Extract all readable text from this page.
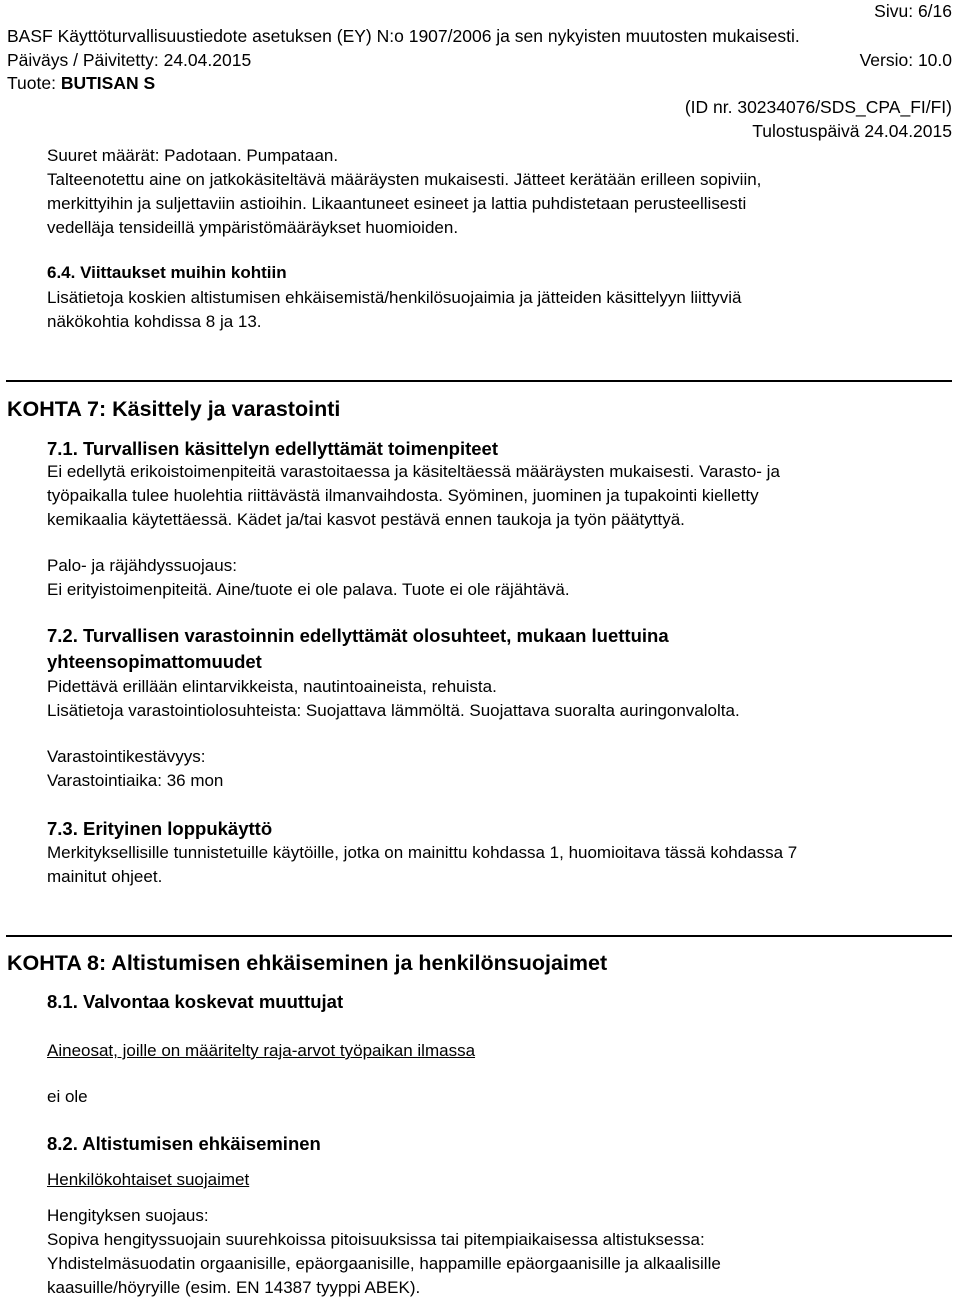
Sivu: 6/16
BASF Käyttöturvallisuustiedote asetuksen (EY) N:o 1907/2006 ja sen nykyisten muutosten mukaisesti.
Päiväys / Päivitetty: 24.04.2015	Versio: 10.0
Tuote: BUTISAN S
(ID nr. 30234076/SDS_CPA_FI/FI)
Tulostuspäivä 24.04.2015

Suuret määrät: Padotaan. Pumpataan.

Talteenotettu aine on jatkokäsiteltävä määräysten mukaisesti. Jätteet kerätään erilleen sopiviin,

merkittyihin ja suljettaviin astioihin. Likaantuneet esineet ja lattia puhdistetaan perusteellisesti

vedelläja tensideillä ympäristömääräykset huomioiden.

6.4. Viittaukset muihin kohtiin

Lisätietoja koskien altistumisen ehkäisemistä/henkilösuojaimia ja jätteiden käsittelyyn liittyviä

näkökohtia kohdissa 8 ja 13.

KOHTA 7: Käsittely ja varastointi
7.1. Turvallisen käsittelyn edellyttämät toimenpiteet

Ei edellytä erikoistoimenpiteitä varastoitaessa ja käsiteltäessä määräysten mukaisesti. Varasto- ja

työpaikalla tulee huolehtia riittävästä ilmanvaihdosta. Syöminen, juominen ja tupakointi kielletty

kemikaalia käytettäessä. Kädet ja/tai kasvot pestävä ennen taukoja ja työn päätyttyä.

Palo- ja räjähdyssuojaus:

Ei erityistoimenpiteitä. Aine/tuote ei ole palava. Tuote ei ole räjähtävä.

7.2. Turvallisen varastoinnin edellyttämät olosuhteet, mukaan luettuina
yhteensopimattomuudet

Pidettävä erillään elintarvikkeista, nautintoaineista, rehuista.

Lisätietoja varastointiolosuhteista: Suojattava lämmöltä. Suojattava suoralta auringonvalolta.

Varastointikestävyys:

Varastointiaika: 36 mon

7.3. Erityinen loppukäyttö

Merkityksellisille tunnistetuille käytöille, jotka on mainittu kohdassa 1, huomioitava tässä kohdassa 7

mainitut ohjeet.

KOHTA 8: Altistumisen ehkäiseminen ja henkilönsuojaimet
8.1. Valvontaa koskevat muuttujat
Aineosat, joille on määritelty raja-arvot työpaikan ilmassa
ei ole
8.2. Altistumisen ehkäiseminen
Henkilökohtaiset suojaimet

Hengityksen suojaus:

Sopiva hengityssuojain suurehkoissa pitoisuuksissa tai pitempiaikaisessa altistuksessa:

Yhdistelmäsuodatin orgaanisille, epäorgaanisille, happamille epäorgaanisille ja alkaalisille

kaasuille/höyryille (esim. EN 14387 tyyppi ABEK).
